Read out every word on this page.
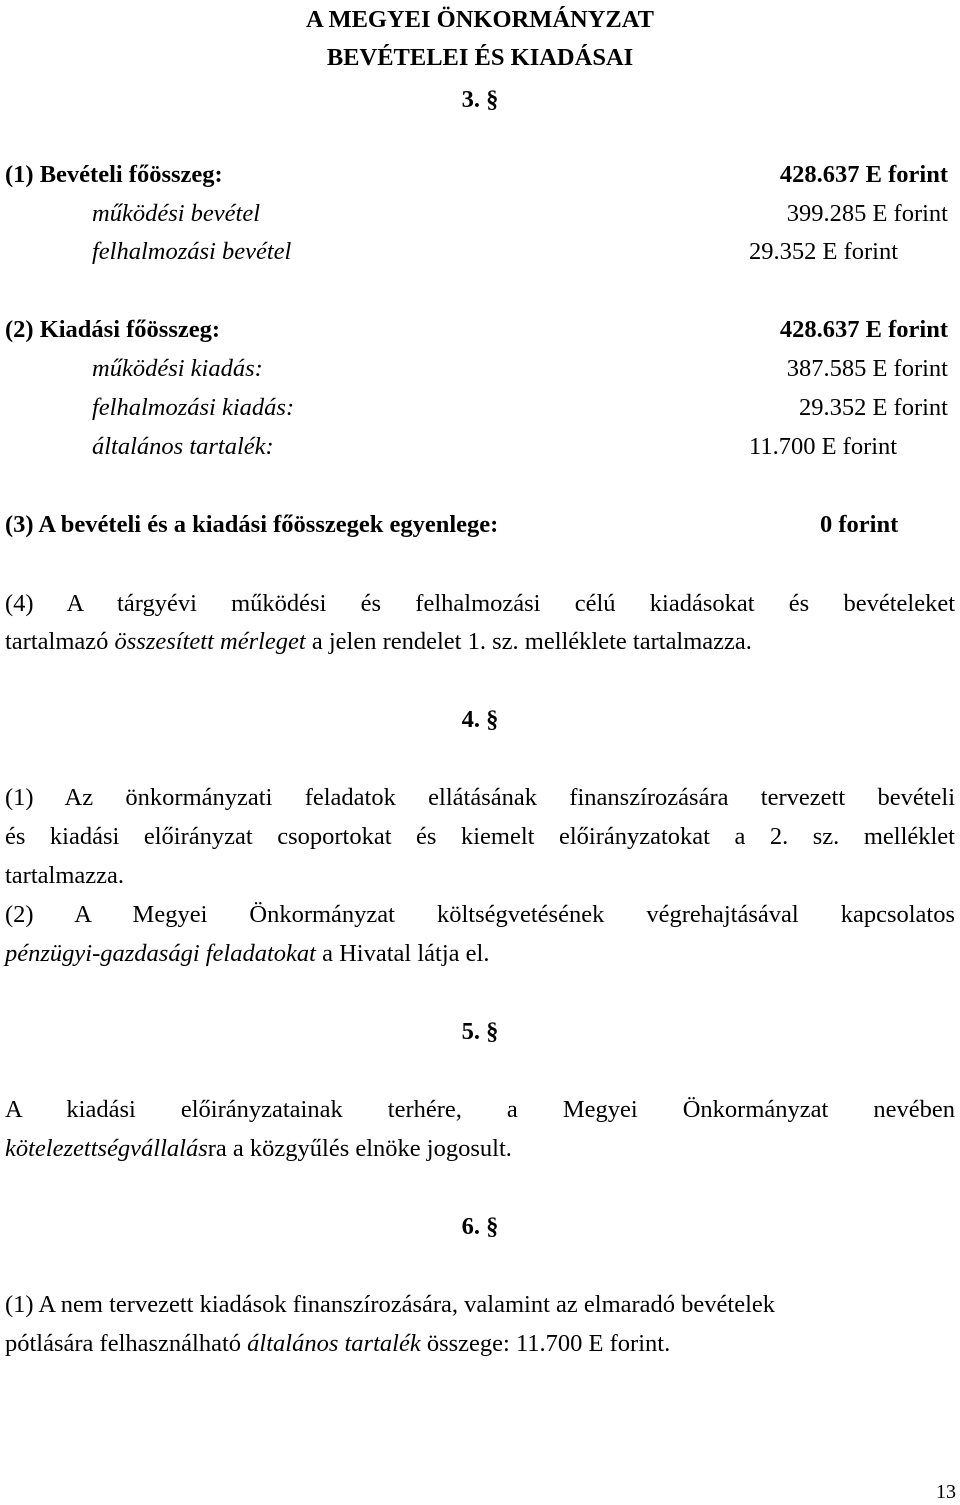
A MEGYEI ÖNKORMÁNYZAT
BEVÉTELEI ÉS KIADÁSAI
3. §
(1) Bevételi főösszeg:	428.637 E forint
működési bevétel	399.285 E forint
felhalmozási bevétel	29.352 E forint
(2) Kiadási főösszeg:	428.637 E forint
működési kiadás:	387.585 E forint
felhalmozási kiadás:	29.352 E forint
általános tartalék:	11.700 E forint
(3) A bevételi és a kiadási főösszegek egyenlege:	0 forint
(4) A tárgyévi működési és felhalmozási célú kiadásokat és bevételeket
tartalmazó összesített mérleget a jelen rendelet 1. sz. melléklete tartalmazza.
4. §
(1) Az önkormányzati feladatok ellátásának finanszírozására tervezett bevételi
és kiadási előirányzat csoportokat és kiemelt előirányzatokat a 2. sz. melléklet
tartalmazza.
(2) A Megyei Önkormányzat költségvetésének végrehajtásával kapcsolatos
pénzügyi-gazdasági feladatokat a Hivatal látja el.
5. §
A kiadási előirányzatainak terhére, a Megyei Önkormányzat nevében
kötelezettségvállalásra a közgyűlés elnöke jogosult.
6. §
(1) A nem tervezett kiadások finanszírozására, valamint az elmaradó bevételek
pótlására felhasználható általános tartalék összege: 11.700 E forint.
13
